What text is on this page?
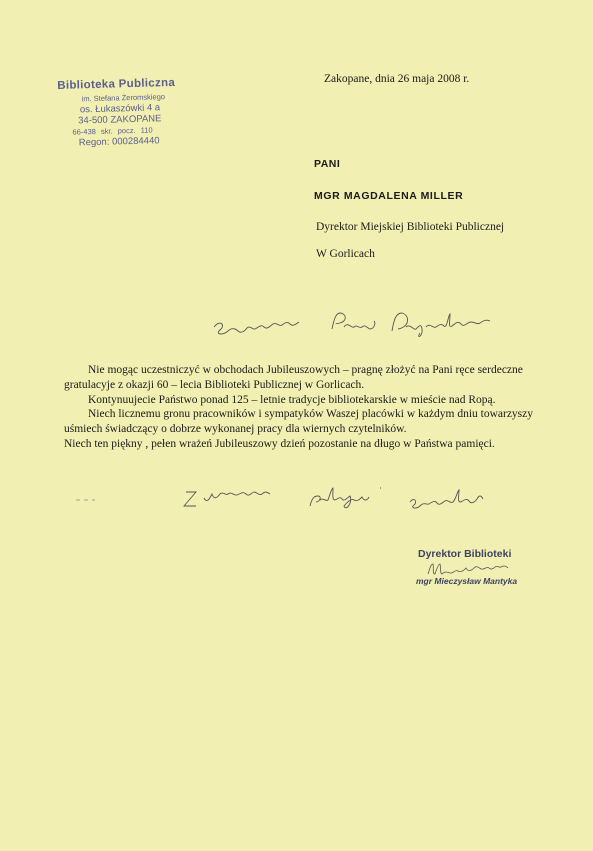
Biblioteka Publiczna
im. Stefana Żeromskiego
os. Łukaszówki 4 a
34-500 ZAKOPANE
66-438 skr. pocz. 110
Regon: 000284440
Zakopane, dnia 26 maja 2008 r.
PANI
MGR MAGDALENA MILLER
Dyrektor Miejskiej Biblioteki Publicznej
W Gorlicach

Nie mogąc uczestniczyć w obchodach Jubileuszowych – pragnę złożyć na Pani ręce serdeczne gratulacyje z okazji 60 – lecia Biblioteki Publicznej w Gorlicach.

Kontynuujecie Państwo ponad 125 – letnie tradycje bibliotekarskie w mieście nad Ropą.

Niech licznemu gronu pracowników i sympatyków Waszej placówki w każdym dniu towarzyszy uśmiech świadczący o dobrze wykonanej pracy dla wiernych czytelników.

Niech ten piękny , pełen wrażeń Jubileuszowy dzień pozostanie na długo w Państwa pamięci.

Dyrektor Biblioteki
mgr Mieczysław Mantyka
